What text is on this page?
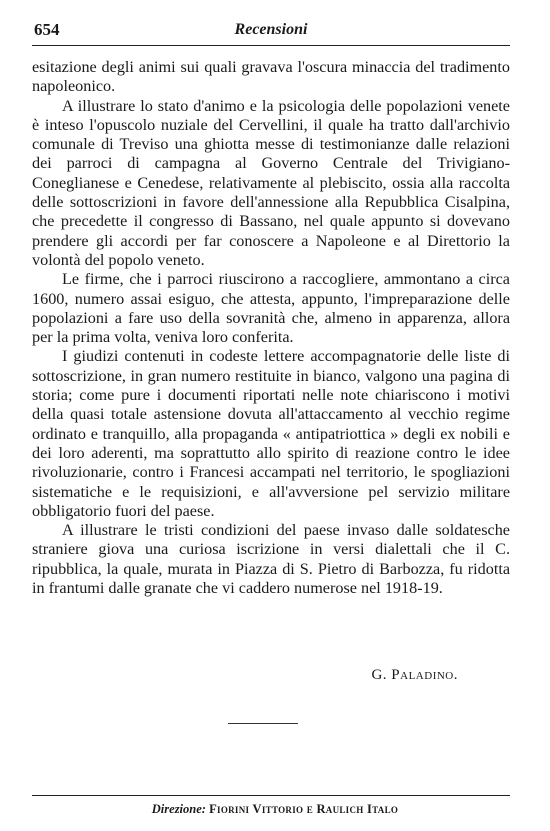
654	Recensioni

esitazione degli animi sui quali gravava l'oscura minaccia del tradimento napoleonico.

A illustrare lo stato d'animo e la psicologia delle popolazioni venete è inteso l'opuscolo nuziale del Cervellini, il quale ha tratto dall'archivio comunale di Treviso una ghiotta messe di testimonianze dalle relazioni dei parroci di campagna al Governo Centrale del Trivigiano-Coneglianese e Cenedese, relativamente al plebiscito, ossia alla raccolta delle sottoscrizioni in favore dell'annessione alla Repubblica Cisalpina, che precedette il congresso di Bassano, nel quale appunto si dovevano prendere gli accordi per far conoscere a Napoleone e al Direttorio la volontà del popolo veneto.

Le firme, che i parroci riuscirono a raccogliere, ammontano a circa 1600, numero assai esiguo, che attesta, appunto, l'impreparazione delle popolazioni a fare uso della sovranità che, almeno in apparenza, allora per la prima volta, veniva loro conferita.

I giudizi contenuti in codeste lettere accompagnatorie delle liste di sottoscrizione, in gran numero restituite in bianco, valgono una pagina di storia; come pure i documenti riportati nelle note chiariscono i motivi della quasi totale astensione dovuta all'attaccamento al vecchio regime ordinato e tranquillo, alla propaganda « antipatriottica » degli ex nobili e dei loro aderenti, ma soprattutto allo spirito di reazione contro le idee rivoluzionarie, contro i Francesi accampati nel territorio, le spogliazioni sistematiche e le requisizioni, e all'avversione pel servizio militare obbligatorio fuori del paese.

A illustrare le tristi condizioni del paese invaso dalle soldatesche straniere giova una curiosa iscrizione in versi dialettali che il C. ripubblica, la quale, murata in Piazza di S. Pietro di Barbozza, fu ridotta in frantumi dalle granate che vi caddero numerose nel 1918-19.

G. Paladino.
Direzione: Fiorini Vittorio e Raulich Italo
